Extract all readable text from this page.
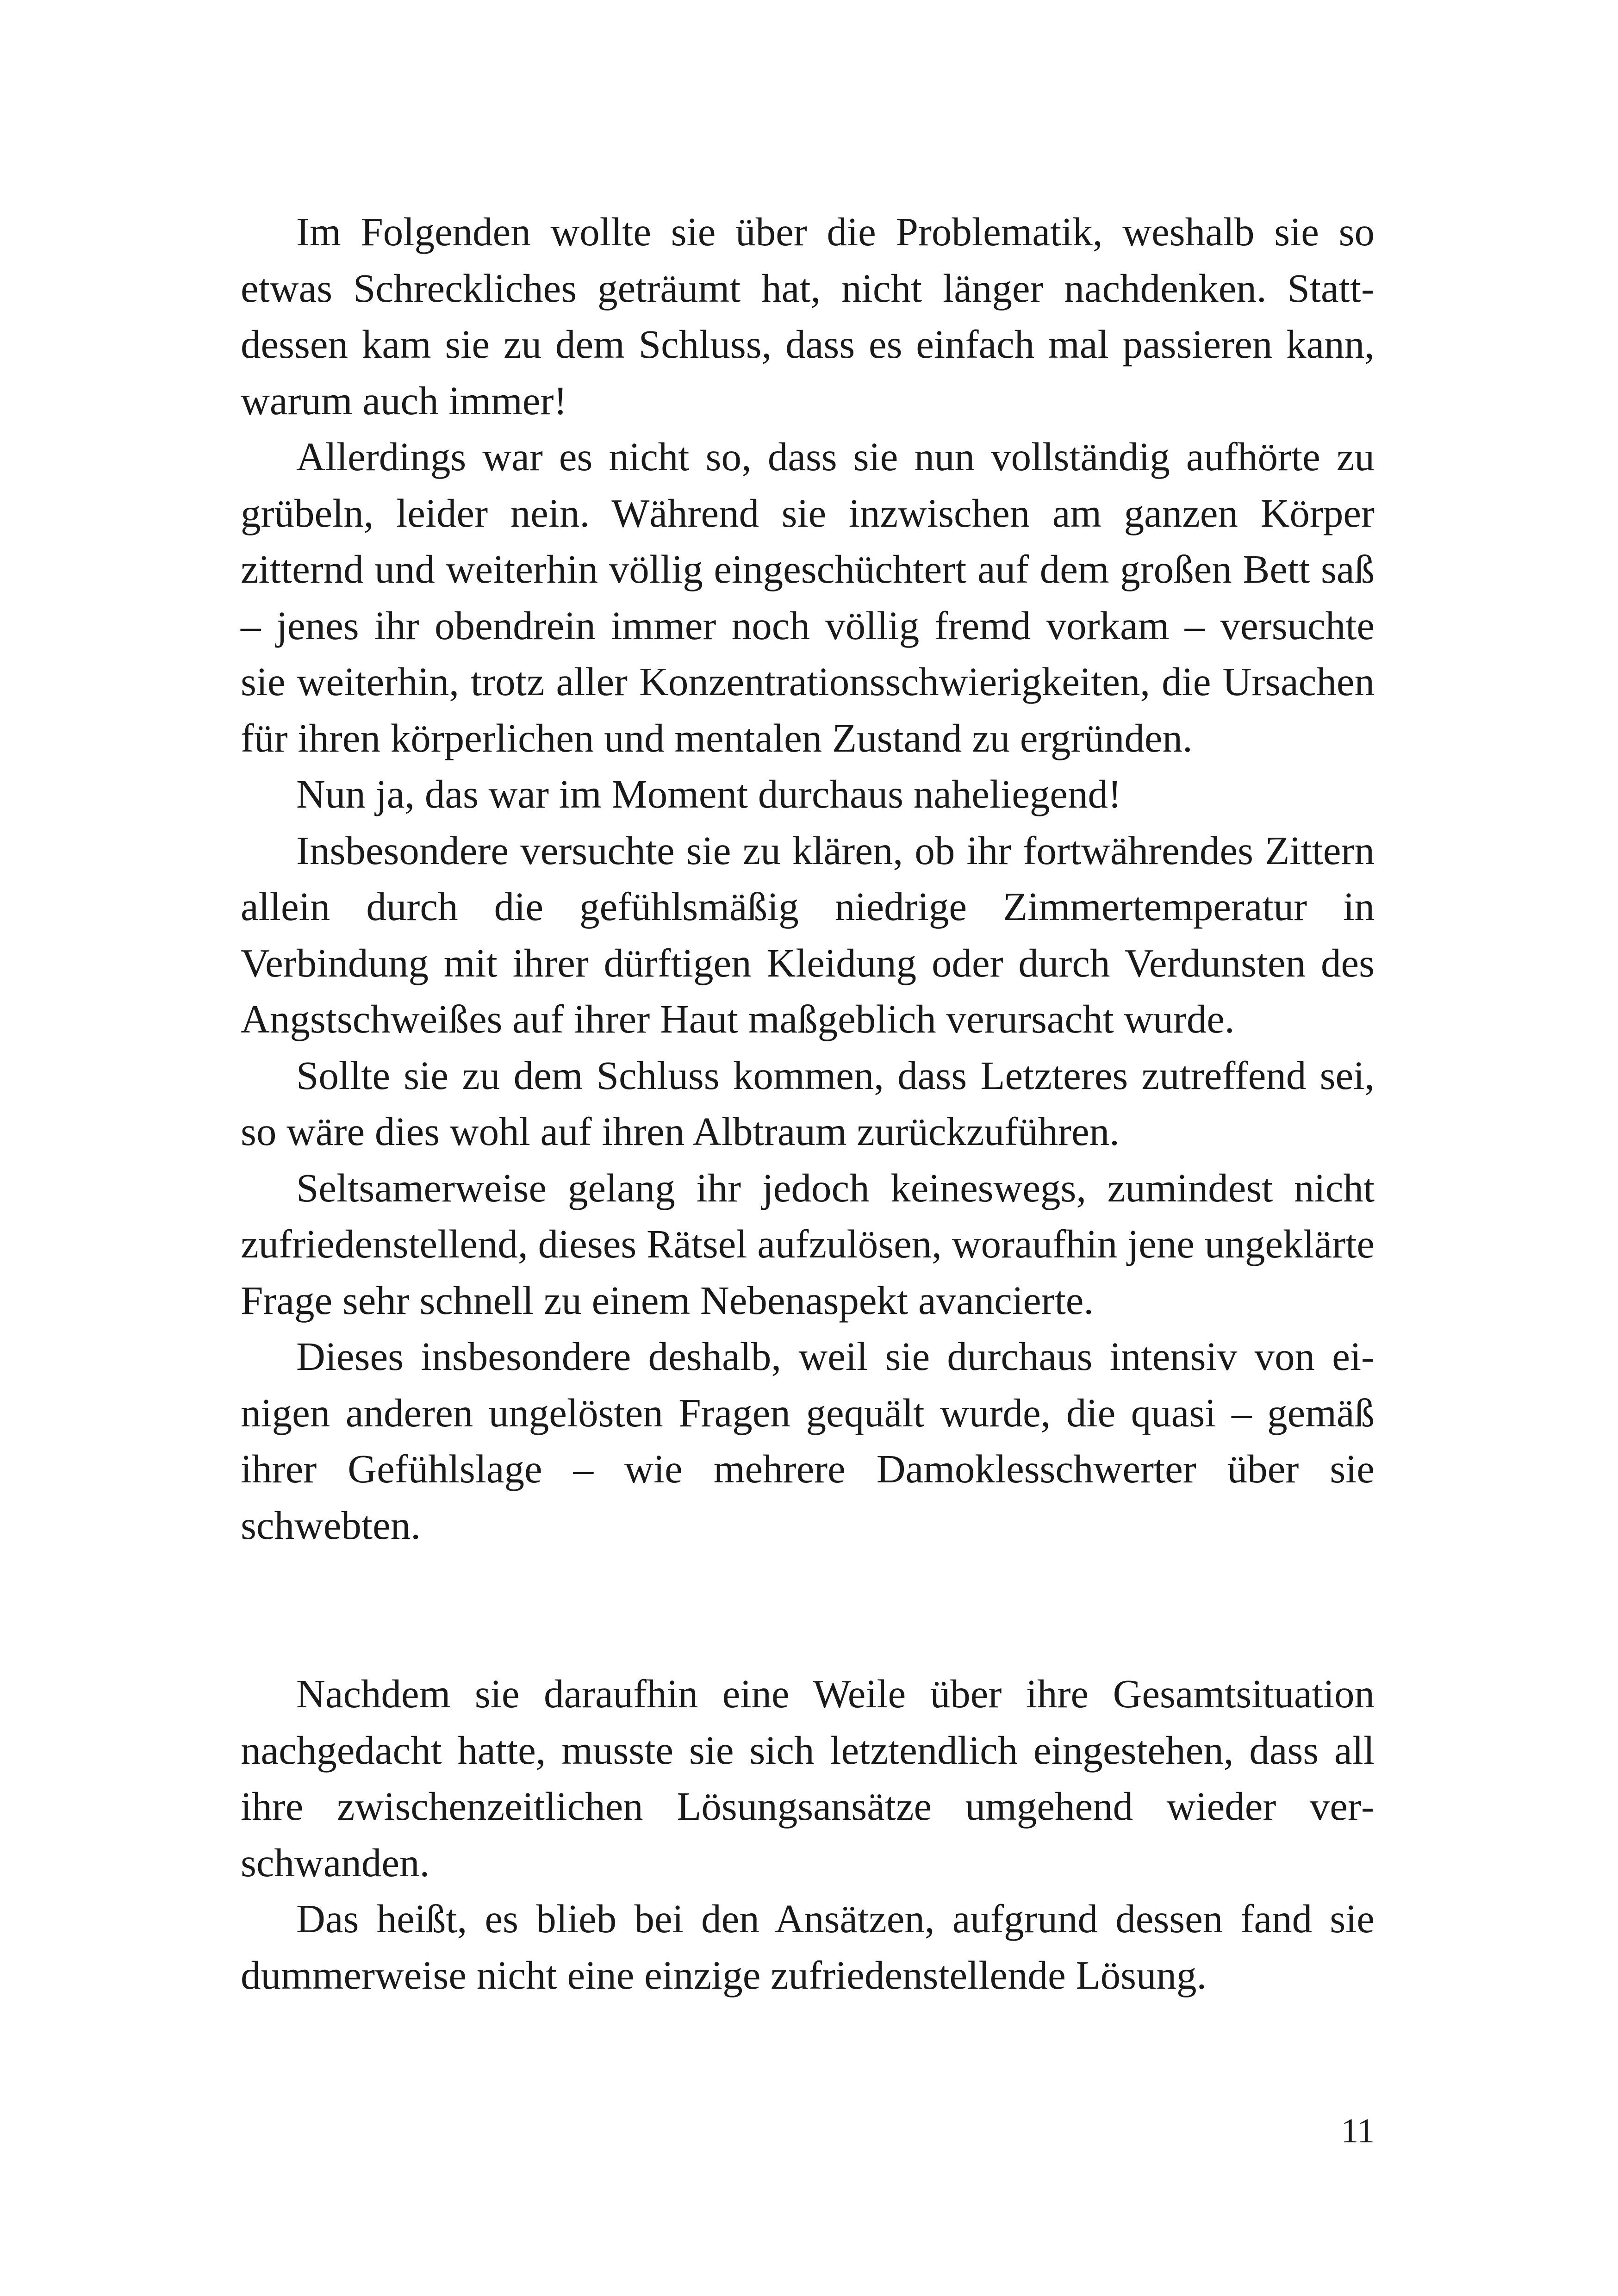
Im Folgenden wollte sie über die Problematik, weshalb sie so etwas Schreckliches geträumt hat, nicht länger nachdenken. Stattdessen kam sie zu dem Schluss, dass es einfach mal passieren kann, warum auch immer!

Allerdings war es nicht so, dass sie nun vollständig aufhörte zu grübeln, leider nein. Während sie inzwischen am ganzen Körper zitternd und weiterhin völlig eingeschüchtert auf dem großen Bett saß – jenes ihr obendrein immer noch völlig fremd vorkam – versuchte sie weiterhin, trotz aller Konzentrationsschwierigkeiten, die Ursachen für ihren körperlichen und mentalen Zustand zu ergründen.

Nun ja, das war im Moment durchaus naheliegend!

Insbesondere versuchte sie zu klären, ob ihr fortwährendes Zittern allein durch die gefühlsmäßig niedrige Zimmertemperatur in Verbindung mit ihrer dürftigen Kleidung oder durch Verdunsten des Angstschweißes auf ihrer Haut maßgeblich verursacht wurde.

Sollte sie zu dem Schluss kommen, dass Letzteres zutreffend sei, so wäre dies wohl auf ihren Albtraum zurückzuführen.

Seltsamerweise gelang ihr jedoch keineswegs, zumindest nicht zufriedenstellend, dieses Rätsel aufzulösen, woraufhin jene ungeklärte Frage sehr schnell zu einem Nebenaspekt avancierte.

Dieses insbesondere deshalb, weil sie durchaus intensiv von einigen anderen ungelösten Fragen gequält wurde, die quasi – gemäß ihrer Gefühlslage – wie mehrere Damoklesschwerter über sie schwebten.

Nachdem sie daraufhin eine Weile über ihre Gesamtsituation nachgedacht hatte, musste sie sich letztendlich eingestehen, dass all ihre zwischenzeitlichen Lösungsansätze umgehend wieder verschwanden.

Das heißt, es blieb bei den Ansätzen, aufgrund dessen fand sie dummerweise nicht eine einzige zufriedenstellende Lösung.

11
